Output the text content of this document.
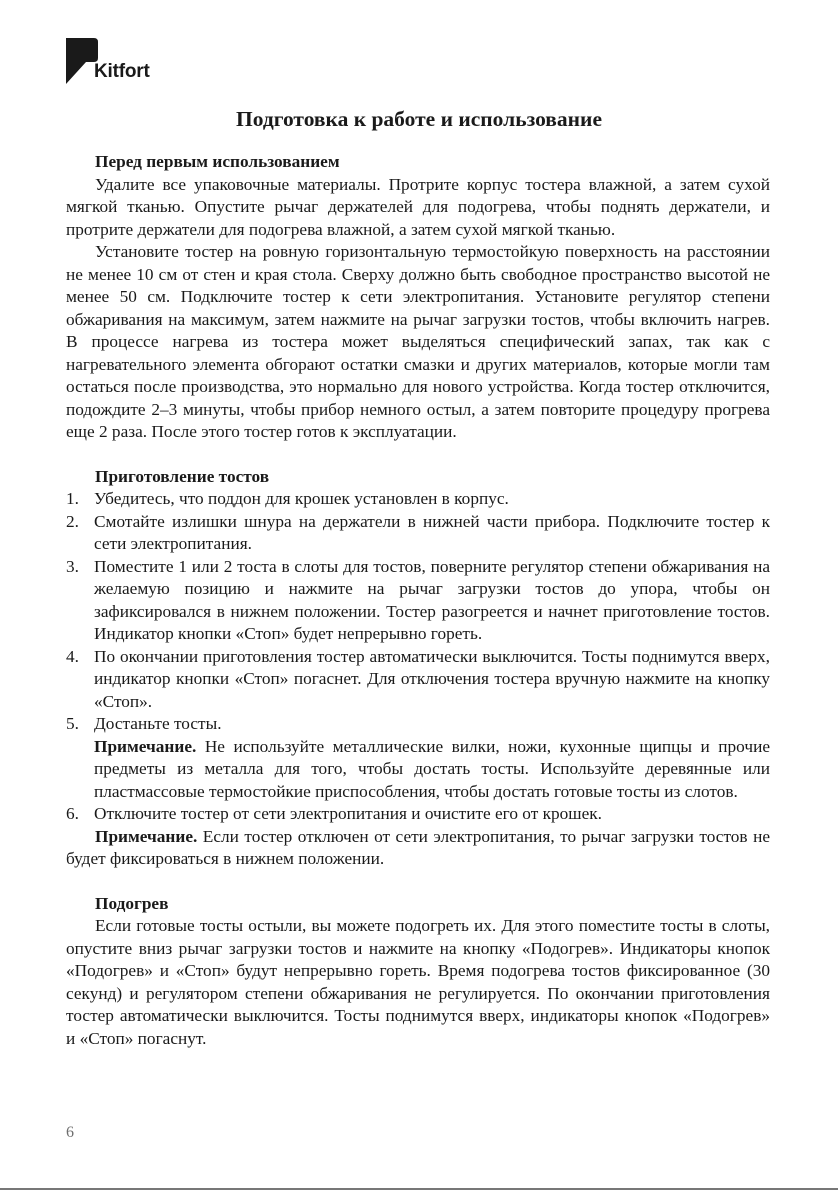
Kitfort
Подготовка к работе и использование

Перед первым использованием

Удалите все упаковочные материалы. Протрите корпус тостера влажной, а затем сухой мягкой тканью. Опустите рычаг держателей для подогрева, чтобы поднять держатели, и протрите держатели для подогрева влажной, а затем сухой мягкой тканью.

Установите тостер на ровную горизонтальную термостойкую поверхность на расстоянии не менее 10 см от стен и края стола. Сверху должно быть свободное пространство высотой не менее 50 см. Подключите тостер к сети электропитания. Установите регулятор степени обжаривания на максимум, затем нажмите на рычаг загрузки тостов, чтобы включить нагрев. В процессе нагрева из тостера может выделяться специфический запах, так как с нагревательного элемента обгорают остатки смазки и других материалов, которые могли там остаться после производства, это нормально для нового устройства. Когда тостер отключится, подождите 2–3 минуты, чтобы прибор немного остыл, а затем повторите процедуру прогрева еще 2 раза. После этого тостер готов к эксплуатации.

Приготовление тостов

1. Убедитесь, что поддон для крошек установлен в корпус.
2. Смотайте излишки шнура на держатели в нижней части прибора. Подключите тостер к сети электропитания.
3. Поместите 1 или 2 тоста в слоты для тостов, поверните регулятор степени обжаривания на желаемую позицию и нажмите на рычаг загрузки тостов до упора, чтобы он зафиксировался в нижнем положении. Тостер разогреется и начнет приготовление тостов. Индикатор кнопки «Стоп» будет непрерывно гореть.
4. По окончании приготовления тостер автоматически выключится. Тосты поднимутся вверх, индикатор кнопки «Стоп» погаснет. Для отключения тостера вручную нажмите на кнопку «Стоп».
5. Достаньте тосты.

Примечание. Не используйте металлические вилки, ножи, кухонные щипцы и прочие предметы из металла для того, чтобы достать тосты. Используйте деревянные или пластмассовые термостойкие приспособления, чтобы достать готовые тосты из слотов.

6. Отключите тостер от сети электропитания и очистите его от крошек.

Примечание. Если тостер отключен от сети электропитания, то рычаг загрузки тостов не будет фиксироваться в нижнем положении.

Подогрев

Если готовые тосты остыли, вы можете подогреть их. Для этого поместите тосты в слоты, опустите вниз рычаг загрузки тостов и нажмите на кнопку «Подогрев». Индикаторы кнопок «Подогрев» и «Стоп» будут непрерывно гореть. Время подогрева тостов фиксированное (30 секунд) и регулятором степени обжаривания не регулируется. По окончании приготовления тостер автоматически выключится. Тосты поднимутся вверх, индикаторы кнопок «Подогрев» и «Стоп» погаснут.

6
